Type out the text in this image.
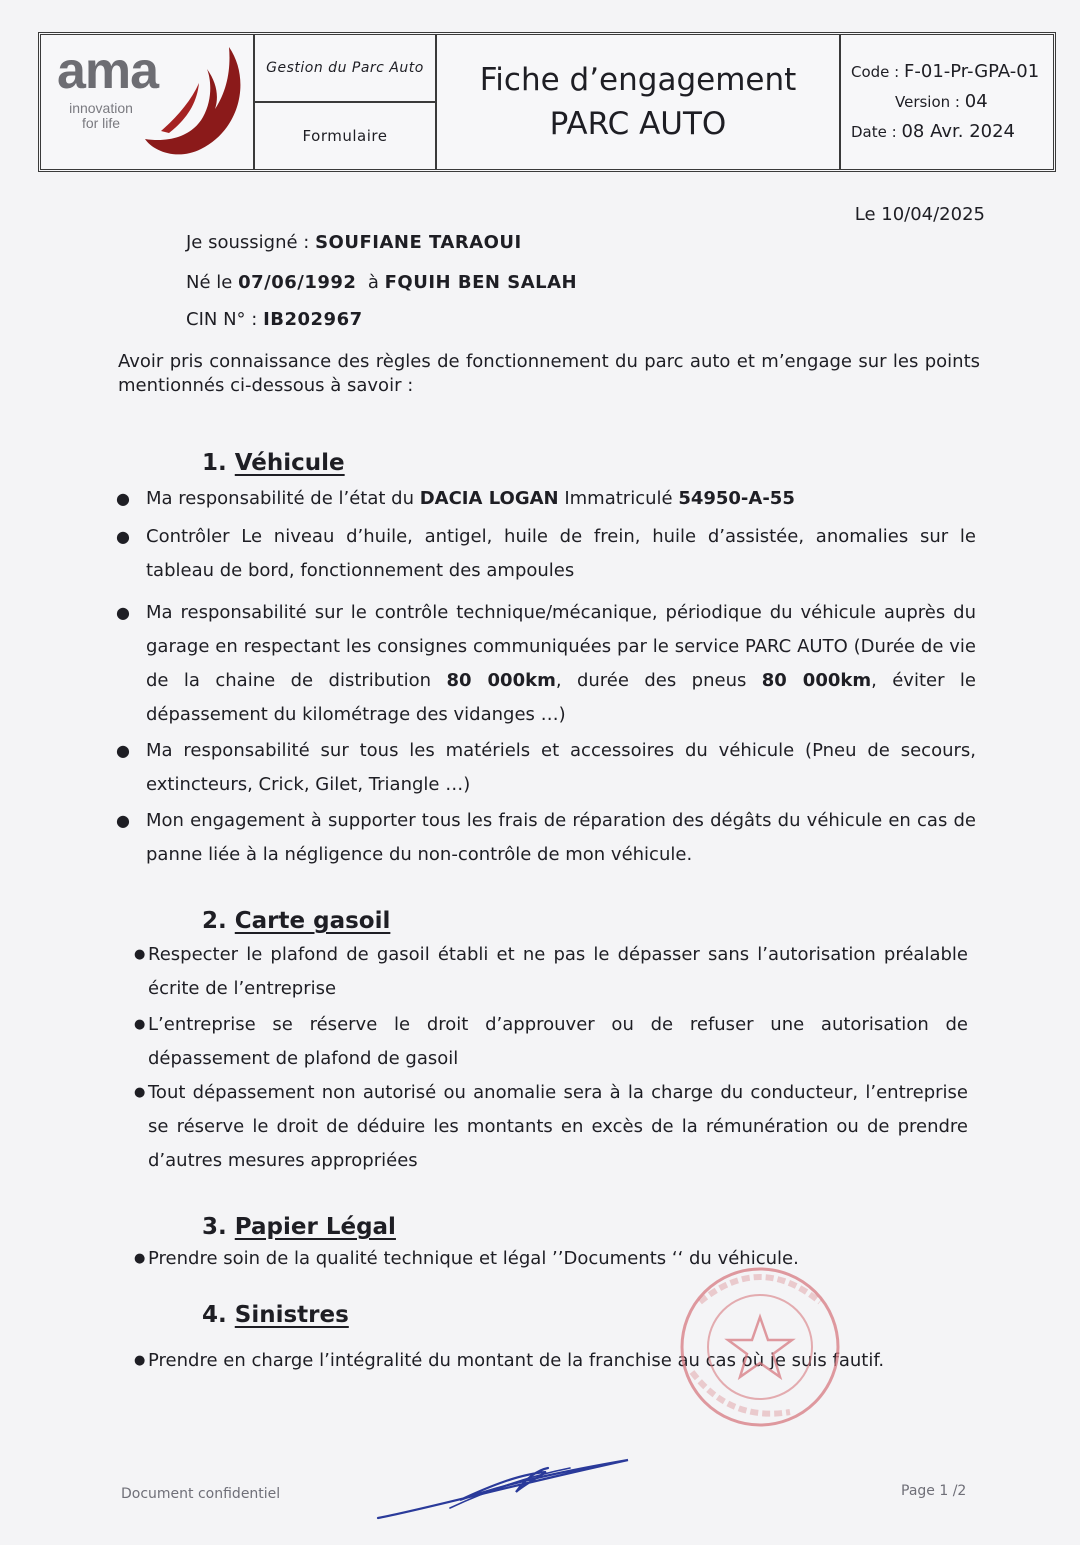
ama
innovation
for life
Gestion du Parc Auto
Formulaire
Fiche d’engagement
PARC AUTO
Code : F-01-Pr-GPA-01
Version : 04
Date : 08 Avr. 2024
Le 10/04/2025
Je soussigné : SOUFIANE TARAOUI
Né le 07/06/1992 à FQUIH BEN SALAH
CIN N° : IB202967
Avoir pris connaissance des règles de fonctionnement du parc auto et m’engage sur les points mentionnés ci-dessous à savoir :
1. Véhicule
● Ma responsabilité de l’état du DACIA LOGAN Immatriculé 54950-A-55
● Contrôler Le niveau d’huile, antigel, huile de frein, huile d’assistée, anomalies sur le tableau de bord, fonctionnement des ampoules
● Ma responsabilité sur le contrôle technique/mécanique, périodique du véhicule auprès du garage en respectant les consignes communiquées par le service PARC AUTO (Durée de vie de la chaine de distribution 80 000km, durée des pneus 80 000km, éviter le dépassement du kilométrage des vidanges …)
● Ma responsabilité sur tous les matériels et accessoires du véhicule (Pneu de secours, extincteurs, Crick, Gilet, Triangle …)
● Mon engagement à supporter tous les frais de réparation des dégâts du véhicule en cas de panne liée à la négligence du non-contrôle de mon véhicule.
2. Carte gasoil
● Respecter le plafond de gasoil établi et ne pas le dépasser sans l’autorisation préalable écrite de l’entreprise
● L’entreprise se réserve le droit d’approuver ou de refuser une autorisation de dépassement de plafond de gasoil
● Tout dépassement non autorisé ou anomalie sera à la charge du conducteur, l’entreprise se réserve le droit de déduire les montants en excès de la rémunération ou de prendre d’autres mesures appropriées
3. Papier Légal
● Prendre soin de la qualité technique et légal ’’Documents ‘‘ du véhicule.
4. Sinistres
● Prendre en charge l’intégralité du montant de la franchise au cas où je suis fautif.
Document confidentiel	Page 1 /2
